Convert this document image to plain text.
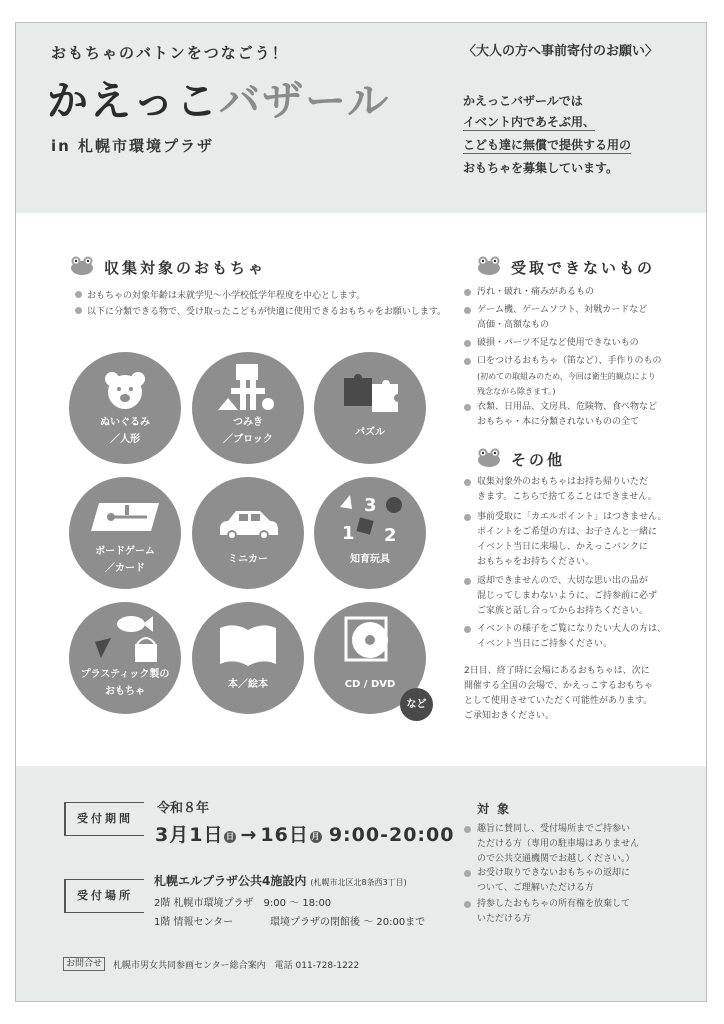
おもちゃのバトンをつなごう！
かえっこバザール
in 札幌市環境プラザ
〈大人の方へ事前寄付のお願い〉
かえっこバザールでは
イベント内であそぶ用、
こども達に無償で提供する用の
おもちゃを募集しています。
収集対象のおもちゃ
おもちゃの対象年齢は未就学児〜小学校低学年程度を中心とします。
以下に分類できる物で、受け取ったこどもが快適に使用できるおもちゃをお願いします。
ぬいぐるみ
／人形
つみき
／ブロック
パズル
ボードゲーム
／カード
ミニカー
3
1 2
知育玩具
プラスティック製の
おもちゃ
本／絵本	CD / DVD
など
受取できないもの
汚れ・破れ・痛みがあるもの
ゲーム機、ゲームソフト、対戦カードなど
高価・高額なもの
破損・パーツ不足など使用できないもの
口をつけるおもちゃ（笛など）、手作りのもの
(初めての取組みのため、今回は衛生的観点により
残念ながら除きます。)
衣類、日用品、文房具、危険物、食べ物など
おもちゃ・本に分類されないものの全て
その他
収集対象外のおもちゃはお持ち帰りいただ
きます。こちらで捨てることはできません。
事前受取に「カエルポイント」はつきません。
ポイントをご希望の方は、お子さんと一緒に
イベント当日に来場し、かえっこバンクに
おもちゃをお持ちください。
返却できませんので、大切な思い出の品が
混じってしまわないように、ご持参前に必ず
ご家族と話し合ってからお持ちください。
イベントの様子をご覧になりたい大人の方は、
イベント当日にご持参ください。
2日目、終了時に会場にあるおもちゃは、次に
開催する全国の会場で、かえっこするおもちゃ
として使用させていただく可能性があります。
ご承知おきください。
受付期間
令和８年
3月1日 日 → 16日 月 9:00-20:00
受付場所
札幌エルプラザ公共4施設内 (札幌市北区北8条西3丁目)
2階 札幌市環境プラザ　9:00 〜 18:00
1階 情報センター	環境プラザの閉館後 〜 20:00まで
対 象
趣旨に賛同し、受付場所までご持参い
ただける方（専用の駐車場はありません
ので公共交通機関でお越しください。）
お受け取りできないおもちゃの返却に
ついて、ご理解いただける方
持参したおもちゃの所有権を放棄して
いただける方
お問合せ	札幌市男女共同参画センター総合案内　電話 011-728-1222
